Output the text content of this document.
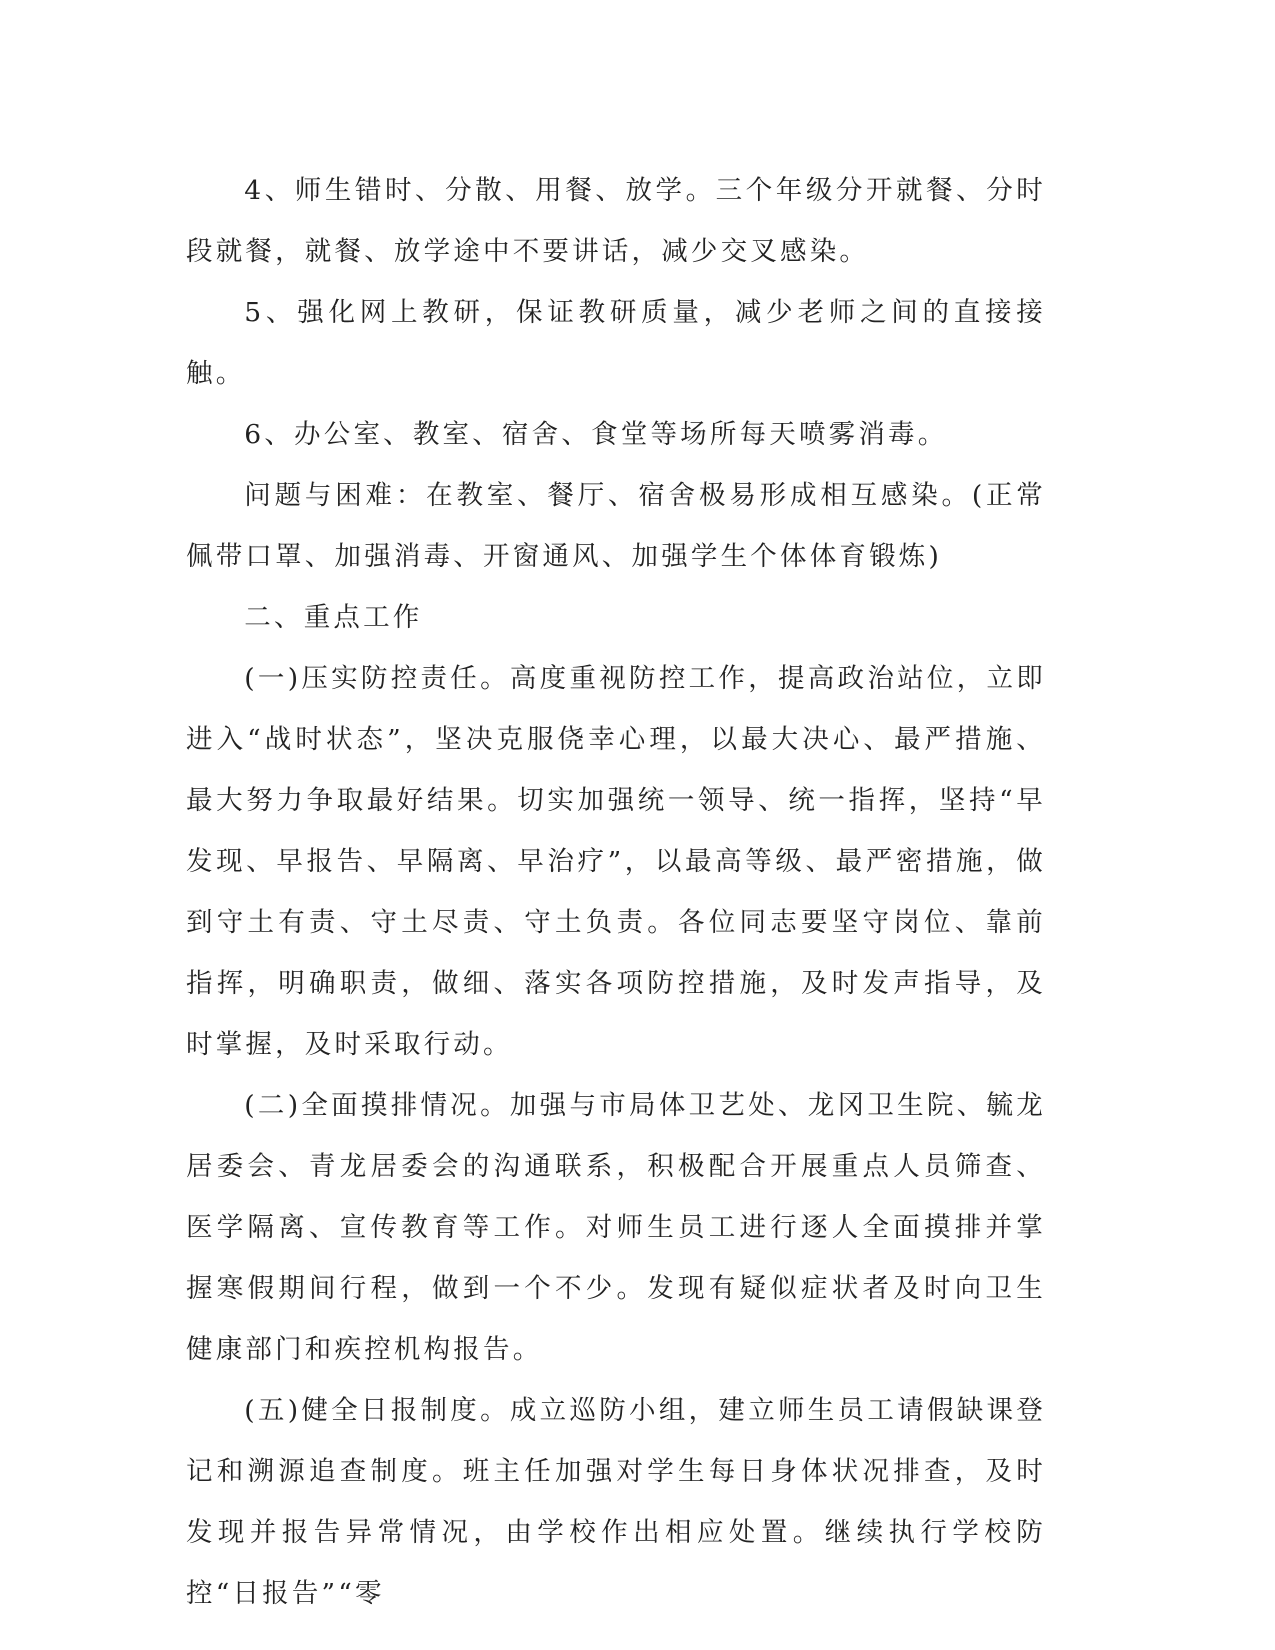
4、师生错时、分散、用餐、放学。三个年级分开就餐、分时段就餐，就餐、放学途中不要讲话，减少交叉感染。

5、强化网上教研，保证教研质量，减少老师之间的直接接触。

6、办公室、教室、宿舍、食堂等场所每天喷雾消毒。

问题与困难：在教室、餐厅、宿舍极易形成相互感染。(正常佩带口罩、加强消毒、开窗通风、加强学生个体体育锻炼)

二、重点工作

(一)压实防控责任。高度重视防控工作，提高政治站位，立即进入“战时状态”，坚决克服侥幸心理，以最大决心、最严措施、最大努力争取最好结果。切实加强统一领导、统一指挥，坚持“早发现、早报告、早隔离、早治疗”，以最高等级、最严密措施，做到守土有责、守土尽责、守土负责。各位同志要坚守岗位、靠前指挥，明确职责，做细、落实各项防控措施，及时发声指导，及时掌握，及时采取行动。

(二)全面摸排情况。加强与市局体卫艺处、龙冈卫生院、毓龙居委会、青龙居委会的沟通联系，积极配合开展重点人员筛查、医学隔离、宣传教育等工作。对师生员工进行逐人全面摸排并掌握寒假期间行程，做到一个不少。发现有疑似症状者及时向卫生健康部门和疾控机构报告。

(五)健全日报制度。成立巡防小组，建立师生员工请假缺课登记和溯源追查制度。班主任加强对学生每日身体状况排查，及时发现并报告异常情况，由学校作出相应处置。继续执行学校防控“日报告”“零
